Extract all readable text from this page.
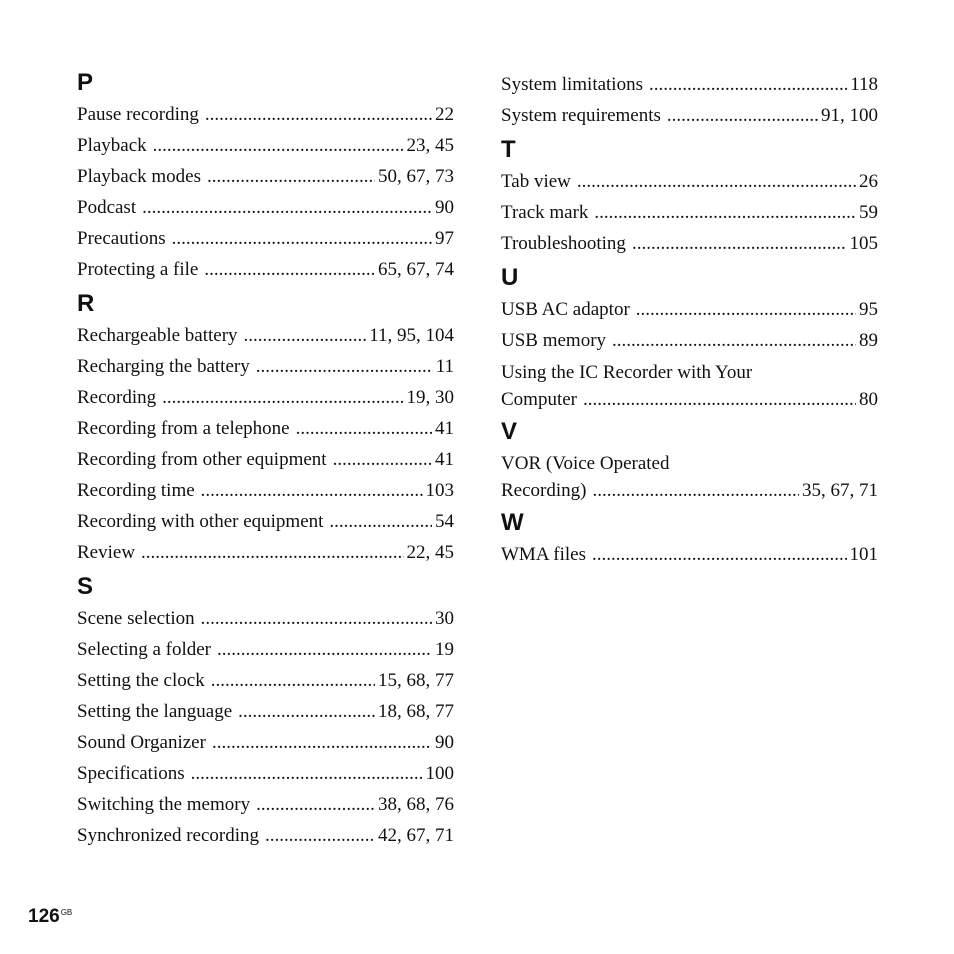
P
Pause recording .....	22
Playback .....	23, 45
Playback modes .....	50, 67, 73
Podcast .....	90
Precautions .....	97
Protecting a file .....	65, 67, 74
R
Rechargeable battery .....	11, 95, 104
Recharging the battery .....	11
Recording .....	19, 30
Recording from a telephone .....	41
Recording from other equipment .....	41
Recording time .....	103
Recording with other equipment .....	54
Review .....	22, 45
S
Scene selection .....	30
Selecting a folder .....	19
Setting the clock .....	15, 68, 77
Setting the language .....	18, 68, 77
Sound Organizer .....	90
Specifications .....	100
Switching the memory .....	38, 68, 76
Synchronized recording .....	42, 67, 71
System limitations .....	118
System requirements .....	91, 100
T
Tab view .....	26
Track mark .....	59
Troubleshooting .....	105
U
USB AC adaptor .....	95
USB memory .....	89
Using the IC Recorder with Your
Computer .....	80
V
VOR (Voice Operated
Recording) .....	35, 67, 71
W
WMA files .....	101
$126^{GB}$
